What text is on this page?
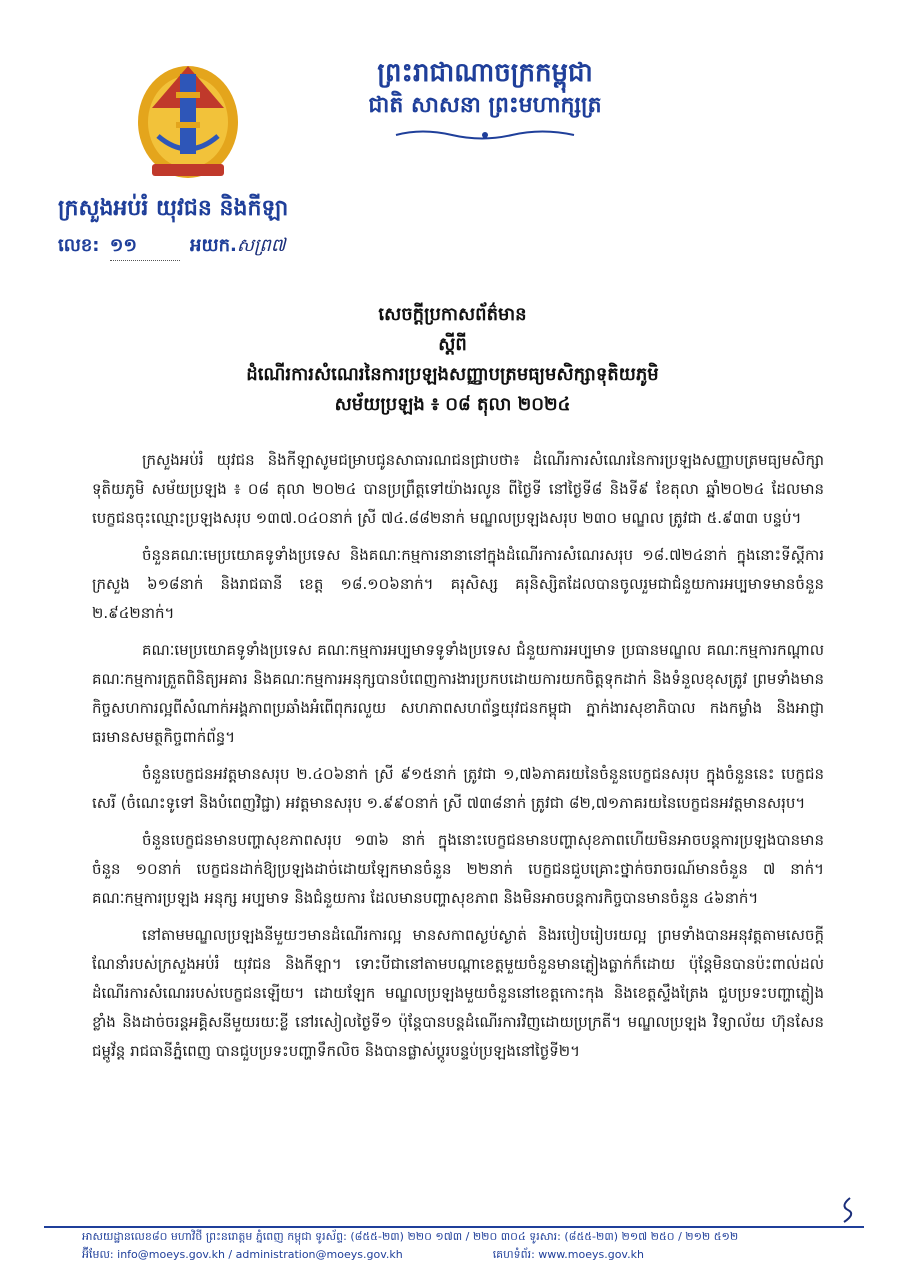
ព្រះរាជាណាចក្រកម្ពុជា
ជាតិ សាសនា ព្រះមហាក្សត្រ
ក្រសួងអប់រំ យុវជន និងកីឡា
លេខ: ១១	អយក.សព្រ៧
សេចក្តីប្រកាសព័ត៌មាន
ស្តីពី
ដំណើរការសំណេរនៃការប្រឡងសញ្ញាបត្រមធ្យមសិក្សាទុតិយភូមិ
សម័យប្រឡង ៖ ០៨ តុលា ២០២៤

ក្រសួងអប់រំ យុវជន និងកីឡាសូមជម្រាបជូនសាធារណជនជ្រាបថា៖ ដំណើរការសំណេរនៃការប្រឡងសញ្ញាបត្រមធ្យមសិក្សាទុតិយភូមិ សម័យប្រឡង ៖ ០៨ តុលា ២០២៤ បានប្រព្រឹត្តទៅយ៉ាងរលូន ពីថ្ងៃទី នៅថ្ងៃទី៨ និងទី៩ ខែតុលា ឆ្នាំ២០២៤ ដែលមានបេក្ខជនចុះឈ្មោះប្រឡងសរុប ១៣៧.០៤០នាក់ ស្រី ៧៤.៨៨២នាក់ មណ្ឌលប្រឡងសរុប ២៣០ មណ្ឌល ត្រូវជា ៥.៩៣៣ បន្ទប់។

ចំនួនគណៈមេប្រយោគទូទាំងប្រទេស និងគណៈកម្មការនានានៅក្នុងដំណើរការសំណេរសរុប ១៨.៧២៤នាក់ ក្នុងនោះទីស្តីការក្រសួង ៦១៨នាក់ និងរាជធានី ខេត្ត ១៨.១០៦នាក់។ គរុសិស្ស គរុនិស្សិតដែលបានចូលរួមជាជំនួយការអប្បមាទមានចំនួន ២.៩៤២នាក់។

គណៈមេប្រយោគទូទាំងប្រទេស គណៈកម្មការអប្បមាទទូទាំងប្រទេស ជំនួយការអប្បមាទ ប្រធានមណ្ឌល គណៈកម្មការកណ្តាល គណៈកម្មការត្រួតពិនិត្យអគារ និងគណៈកម្មការអនុក្សបានបំពេញការងារប្រកបដោយការយកចិត្តទុកដាក់ និងទំនួលខុសត្រូវ ព្រមទាំងមានកិច្ចសហការល្អពីសំណាក់អង្គភាពប្រឆាំងអំពើពុករលួយ សហភាពសហព័ន្ធយុវជនកម្ពុជា ភ្នាក់ងារសុខាភិបាល កងកម្លាំង និងអាជ្ញាធរមានសមត្ថកិច្ចពាក់ព័ន្ធ។

ចំនួនបេក្ខជនអវត្តមានសរុប ២.៤០៦នាក់ ស្រី ៩១៥នាក់ ត្រូវជា ១,៧៦ភាគរយនៃចំនួនបេក្ខជនសរុប ក្នុងចំនួននេះ បេក្ខជនសេរី (ចំណេះទូទៅ និងបំពេញវិជ្ជា) អវត្តមានសរុប ១.៩៩០នាក់ ស្រី ៧៣៨នាក់ ត្រូវជា ៨២,៧១ភាគរយនៃបេក្ខជនអវត្តមានសរុប។

ចំនួនបេក្ខជនមានបញ្ហាសុខភាពសរុប ១៣៦ នាក់ ក្នុងនោះបេក្ខជនមានបញ្ហាសុខភាពហើយមិនអាចបន្តការប្រឡងបានមានចំនួន ១០នាក់ បេក្ខជនដាក់ឱ្យប្រឡងដាច់ដោយឡែកមានចំនួន ២២នាក់ បេក្ខជនជួបគ្រោះថ្នាក់ចរាចរណ៍មានចំនួន ៧ នាក់។ គណៈកម្មការប្រឡង អនុក្ស អប្បមាទ និងជំនួយការ ដែលមានបញ្ហាសុខភាព និងមិនអាចបន្តការកិច្ចបានមានចំនួន ៤៦នាក់។

នៅតាមមណ្ឌលប្រឡងនីមួយៗមានដំណើរការល្អ មានសកាពស្ងប់ស្ងាត់ និងរបៀបរៀបរយល្អ ព្រមទាំងបានអនុវត្តតាមសេចក្តីណែនាំរបស់ក្រសួងអប់រំ យុវជន និងកីឡា។ ទោះបីជានៅតាមបណ្តាខេត្តមួយចំនួនមានភ្លៀងធ្លាក់ក៏ដោយ ប៉ុន្តែមិនបានប៉ះពាល់ដល់ដំណើរការសំណេររបស់បេក្ខជនឡើយ។ ដោយឡែក មណ្ឌលប្រឡងមួយចំនួននៅខេត្តកោះកុង និងខេត្តស្ទឹងត្រែង ជួបប្រទះបញ្ហាភ្លៀងខ្លាំង និងដាច់ចរន្តអគ្គិសនីមួយរយៈខ្លី នៅរសៀលថ្ងៃទី១ ប៉ុន្តែបានបន្តដំណើរការវិញដោយប្រក្រតី។ មណ្ឌលប្រឡង វិទ្យាល័យ ហ៊ុនសែន ជម្ពូវ័ន្ត រាជធានីភ្នំពេញ បានជួបប្រទះបញ្ហាទឹកលិច និងបានផ្លាស់ប្តូរបន្ទប់ប្រឡងនៅថ្ងៃទី២។

អាសយដ្ឋានលេខ៨០ មហាវិថី ព្រះនរោត្តម ភ្នំពេញ កម្ពុជា ទូរស័ព្ទ: (៨៥៥-២៣) ២២០ ១៧៣ / ២២០ ៣០៤ ទូរសារ: (៨៥៥-២៣) ២១៧ ២៥០ / ២១២ ៥១២
អ៊ីមែល: info@moeys.gov.kh / administration@moeys.gov.kh	គេហទំព័រ: www.moeys.gov.kh
